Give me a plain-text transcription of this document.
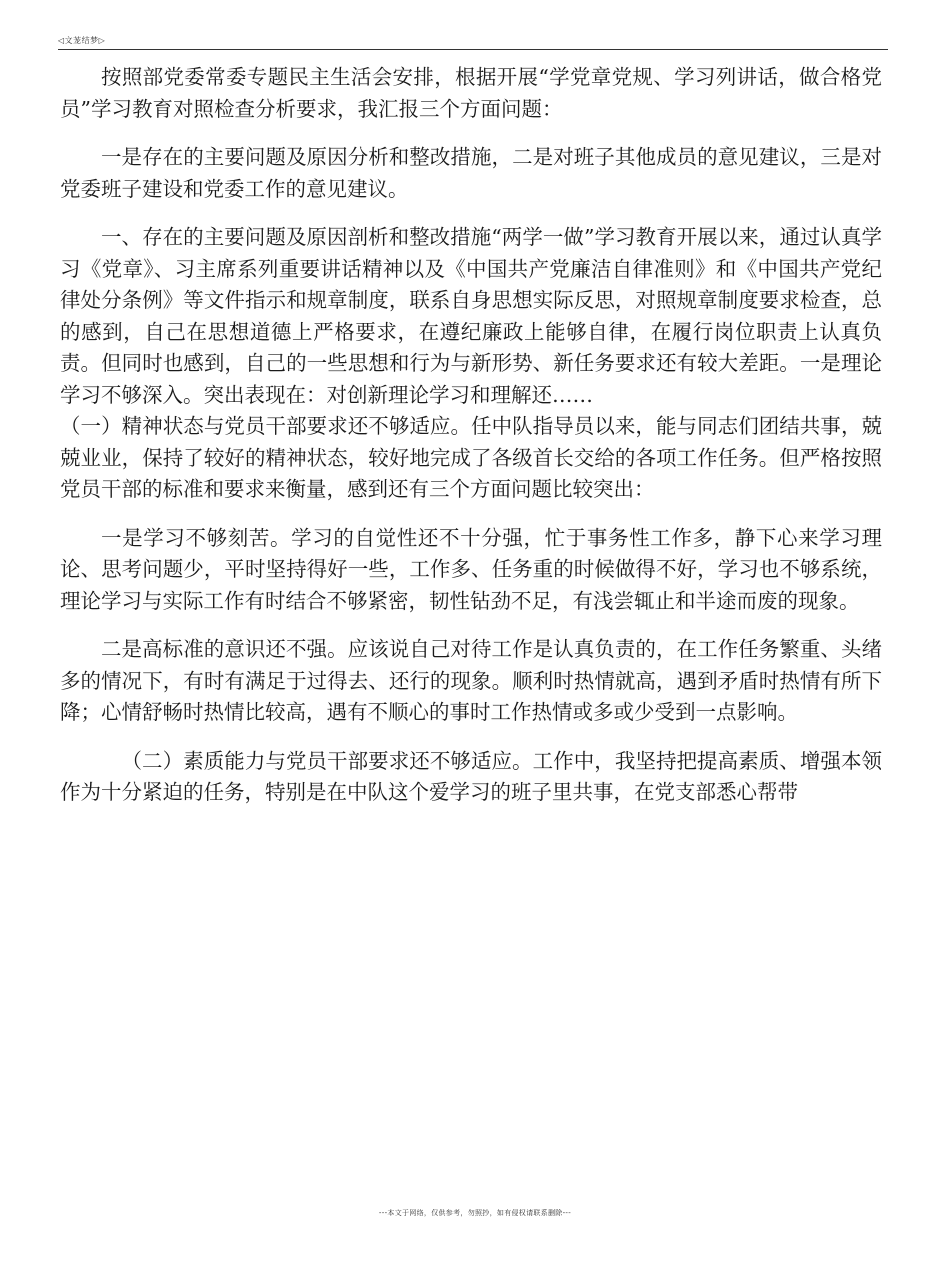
◁文茏结梦▷

按照部党委常委专题民主生活会安排，根据开展“学党章党规、学习列讲话，做合格党员”学习教育对照检查分析要求，我汇报三个方面问题：

一是存在的主要问题及原因分析和整改措施，二是对班子其他成员的意见建议，三是对党委班子建设和党委工作的意见建议。

一、存在的主要问题及原因剖析和整改措施“两学一做”学习教育开展以来，通过认真学习《党章》、习主席系列重要讲话精神以及《中国共产党廉洁自律准则》和《中国共产党纪律处分条例》等文件指示和规章制度，联系自身思想实际反思，对照规章制度要求检查，总的感到，自己在思想道德上严格要求，在遵纪廉政上能够自律，在履行岗位职责上认真负责。但同时也感到，自己的一些思想和行为与新形势、新任务要求还有较大差距。一是理论学习不够深入。突出表现在：对创新理论学习和理解还……

（一）精神状态与党员干部要求还不够适应。任中队指导员以来，能与同志们团结共事，兢兢业业，保持了较好的精神状态，较好地完成了各级首长交给的各项工作任务。但严格按照党员干部的标准和要求来衡量，感到还有三个方面问题比较突出：

一是学习不够刻苦。学习的自觉性还不十分强，忙于事务性工作多，静下心来学习理论、思考问题少，平时坚持得好一些，工作多、任务重的时候做得不好，学习也不够系统，理论学习与实际工作有时结合不够紧密，韧性钻劲不足，有浅尝辄止和半途而废的现象。

二是高标准的意识还不强。应该说自己对待工作是认真负责的，在工作任务繁重、头绪多的情况下，有时有满足于过得去、还行的现象。顺利时热情就高，遇到矛盾时热情有所下降；心情舒畅时热情比较高，遇有不顺心的事时工作热情或多或少受到一点影响。

（二）素质能力与党员干部要求还不够适应。工作中，我坚持把提高素质、增强本领作为十分紧迫的任务，特别是在中队这个爱学习的班子里共事，在党支部悉心帮带

---本文于网络，仅供参考，勿照抄，如有侵权请联系删除---
